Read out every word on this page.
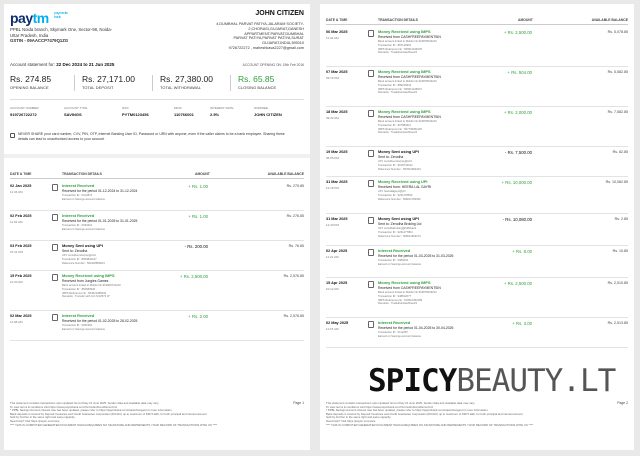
paytm payments bank
PPBL Noida branch, Skymark One, Sector-98, Noida-
Uttar Pradesh, India
GSTIN - 09AACCP7479Q1ZG
JOHN CITIZEN
4,DUMBHAL PARVAT PATIYA,JALARAM SOCIETY-
2,CHORASI,GUJARAT,GANESH APPARTMENT,PARVAT,DUMBHAL
PARVAT PATIYA,PARVAT PATIYA,SURAT
GUJARAT,INDIA,395010
9726722272 , maheshkava2227@gmail.com
Account statement for: 22 Dec 2024 to 21 Jun 2025	ACCOUNT OPENING ON: 19th Feb 2016
Rs. 274.85
OPENING BALANCE
Rs. 27,171.00
TOTAL DEPOSIT
Rs. 27,380.00
TOTAL WITHDRAWAL
Rs. 65.85
CLOSING BALANCE
ACCOUNT NUMBER
919726722272
ACCOUNT TYPE
SAVINGS
IFSC
PYTM0123456
MICR
110766001
INTEREST RATE
2.5%
NOMINEE
JOHN CITIZEN
NEVER SHARE your card number, CVV, PIN, OTP, Internet Banking User ID, Password or URN with anyone, even if the caller claims to be a bank employee. Sharing these
details can lead to unauthorized access to your account
DATE & TIME	TRANSACTION DETAILS	AMOUNT	AVAILABLE BALANCE
02 Jan 2025
11:34 AM
Interest Received
Received for the period 01-12-2024 to 31-12-2024
Transaction ID : 0012874
Earned on Savings account balance
+ Rs. 1.00	Rs. 275.85
02 Feb 2025
11:02 AM
Interest Received
Received for the period 01-01-2025 to 31-01-2025
Transaction ID : 0033410
Earned on Savings account balance
+ Rs. 1.00	Rs. 276.85
03 Feb 2025
07:21 PM
Money Sent using UPI
Sent to: Zerodha
UPI: zerodha.razorpay@icici
Transaction ID : 8053842167
Reference Number : 503418859021
- Rs. 200.00	Rs. 76.85
15 Feb 2025
10:44 AM
Money Received using IMPS
Received from Jungles Games
Bank account linked to Mobile No 919009741210
Transaction ID : 854683946
IMPS Reference No : 504621288432
Remarks : Transfer with Id 17212572 07
+ Rs. 2,500.00	Rs. 2,576.85
02 Mar 2025
11:08 AM
Interest Received
Received for the period 01-02-2025 to 28-02-2025
Transaction ID : 0061952
Earned on Savings account balance
+ Rs. 2.00	Rs. 2,578.85
This statement contains transactions upto Updated: End of Day 21 June 2025. Sender data and available data may vary.
To view terms & conditions visit https://www.paytmbank.com/TermsAndConditions.html
* PPBL Savings Account interest rate has been updated, please refer to https://paytmbank.com/rates/changes for more information.
Bank deposits is insured by Deposit Insurance and Credit Guarantee Corporation (DICGC) up to maximum of INR 5 lakh, for both principal and interest amount
held by him/her in the same right and same capacity.
Need help? Visit https://paytm.com/care
**** THIS IS COMPUTER GENERATED DOCUMENT WHICH REQUIRES NO SIGNATURE AND REPRESENTS YOUR RECORD OF TRANSACTIONS WITH US ****
Page 1
DATE & TIME	TRANSACTION DETAILS	AMOUNT	AVAILABLE BALANCE
06 Mar 2025
11:34 AM
Money Received using IMPS
Received from CASHFREEPAYMENTSIN
Bank account linked to Mobile No 919876543210
Transaction ID : 887140961
IMPS Reference No : 506511046278
Remarks : Tradeloot4cashfree24
+ Rs. 2,500.00	Rs. 5,078.85
07 Mar 2025
03:16 PM
Money Received using IMPS
Received from CASHFREEPAYMENTSIN
Bank account linked to Mobile No 919876543210
Transaction ID : 889215644
IMPS Reference No : 506611248372
Remarks : Tradeloot4cashfree24
+ Rs. 504.00	Rs. 5,582.85
18 Mar 2025
09:42 AM
Money Received using IMPS
Received from CASHFREEPAYMENTSIN
Bank account linked to Mobile No 919876543210
Transaction ID : 907983211
IMPS Reference No : 507709351145
Remarks : Tradeloot4cashfree24
+ Rs. 2,000.00	Rs. 7,582.85
19 Mar 2025
06:05 PM
Money Sent using UPI
Sent to: Zerodha
UPI: zerodha.razorpay@icici
Transaction ID : 9108742012
Reference Number : 507812994301
- Rs. 7,500.00	Rs. 82.85
31 Mar 2025
12:18 PM
Money Received using UPI
Received from: HEERA LAL GAYRI
UPI: heeralalgayri@ybl
Transaction ID : 9231178650
Reference Number : 509011784522
+ Rs. 10,000.00	Rs. 10,082.85
31 Mar 2025
12:40 PM
Money Sent using UPI
Sent to: Zerodha Broking Ltd
UPI: zerodhabroking@hdfcbank
Transaction ID : 9231277804
Reference Number : 509011862274
- Rs. 10,080.00	Rs. 2.85
02 Apr 2025
11:21 AM
Interest Received
Received for the period 01-03-2025 to 31-03-2025
Transaction ID : 0089432
Earned on Savings account balance
+ Rs. 8.00	Rs. 10.85
15 Apr 2025
10:12 AM
Money Received using IMPS
Received from CASHFREEPAYMENTSIN
Bank account linked to Mobile No 919876543210
Transaction ID : 948812077
IMPS Reference No : 510510452189
Remarks : Tradeloot4cashfree24
+ Rs. 2,500.00	Rs. 2,510.85
02 May 2025
11:15 AM
Interest Received
Received for the period 01-04-2025 to 30-04-2025
Transaction ID : 0112287
Earned on Savings account balance
+ Rs. 3.00	Rs. 2,513.85
This statement contains transactions upto Updated: End of Day 21 June 2025. Sender data and available data may vary.
To view terms & conditions visit https://www.paytmbank.com/TermsAndConditions.html
* PPBL Savings Account interest rate has been updated, please refer to https://paytmbank.com/rates/changes for more information.
Bank deposits is insured by Deposit Insurance and Credit Guarantee Corporation (DICGC) up to maximum of INR 5 lakh, for both principal and interest amount
held by him/her in the same right and same capacity.
Need help? Visit https://paytm.com/care
**** THIS IS COMPUTER GENERATED DOCUMENT WHICH REQUIRES NO SIGNATURE AND REPRESENTS YOUR RECORD OF TRANSACTIONS WITH US ****
Page 2
SPICYBEAUTY.LT
